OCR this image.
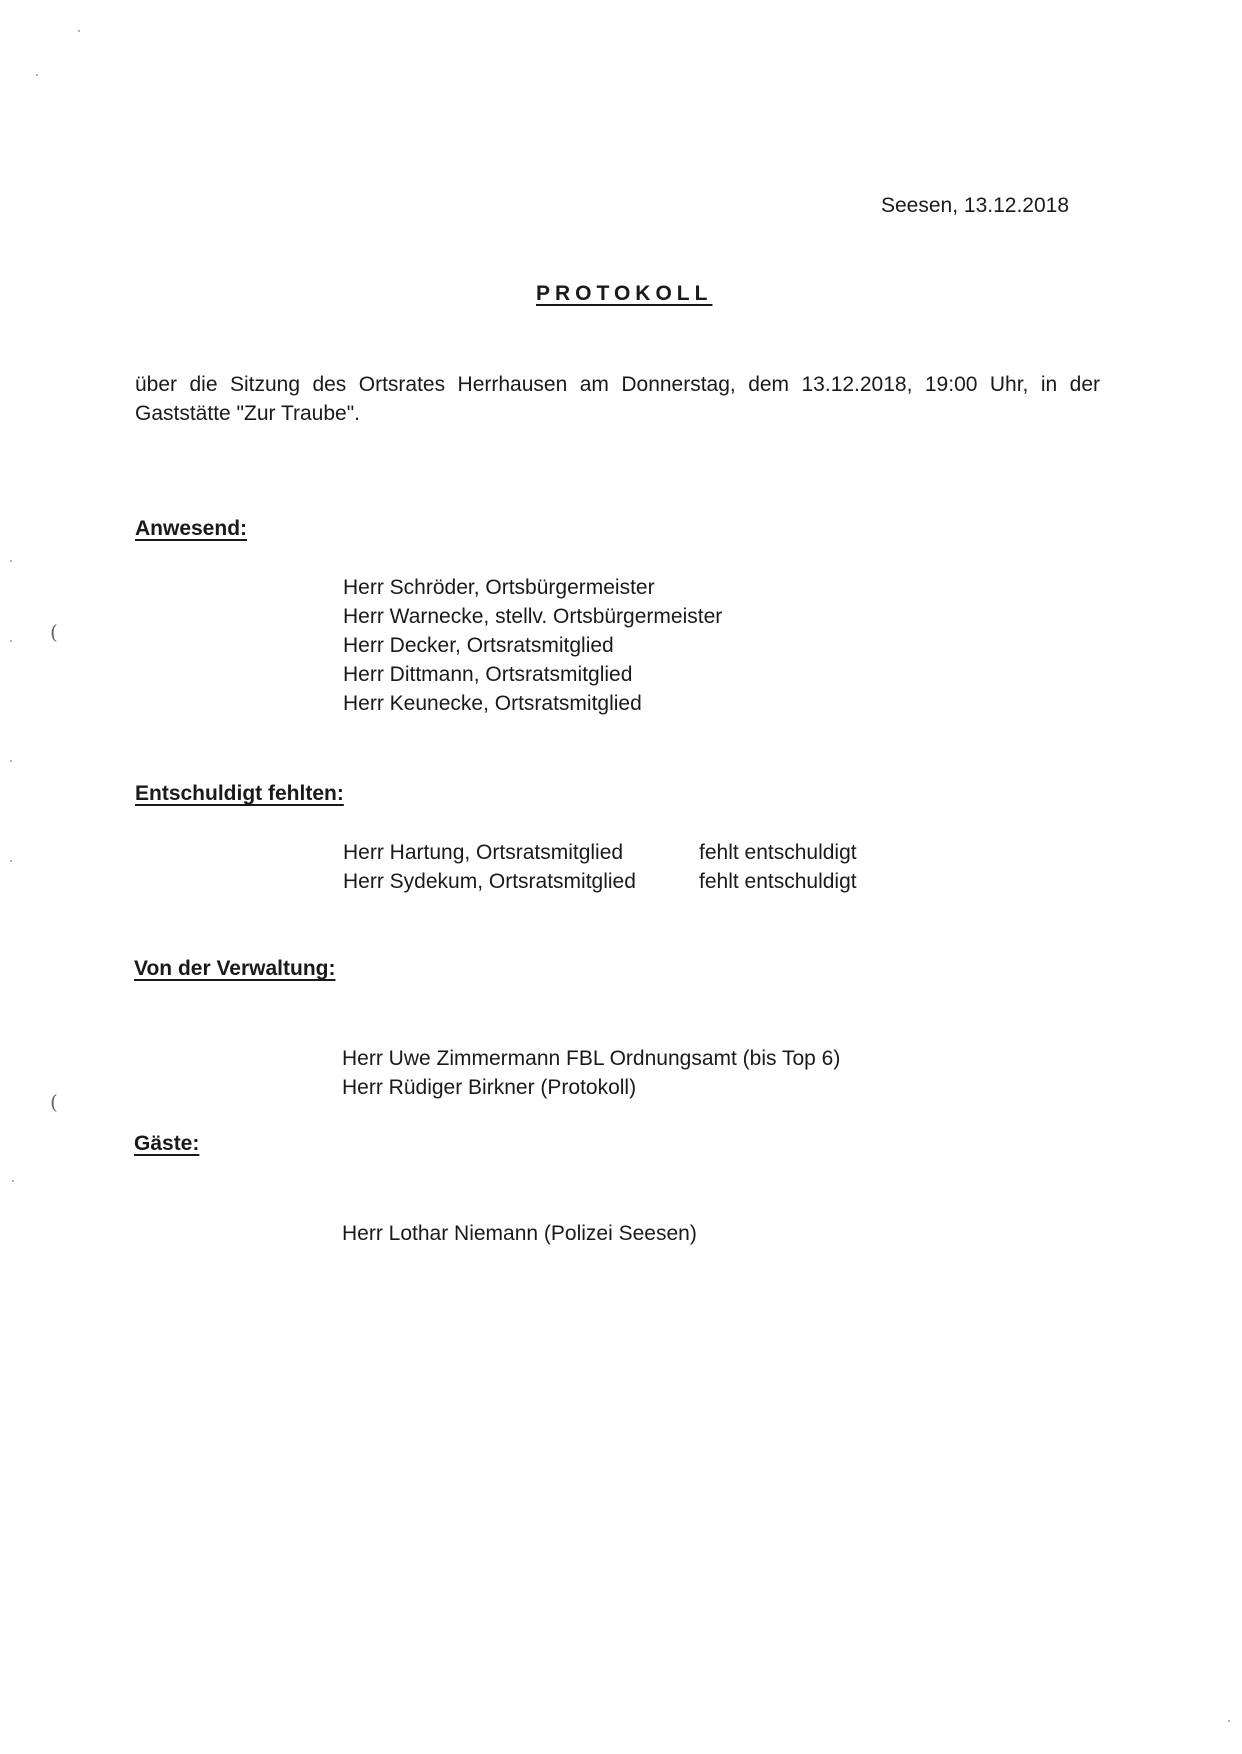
Seesen, 13.12.2018
PROTOKOLL
über die Sitzung des Ortsrates Herrhausen am Donnerstag, dem 13.12.2018, 19:00 Uhr, in der Gaststätte "Zur Traube".
Anwesend:
Herr Schröder, Ortsbürgermeister
Herr Warnecke, stellv. Ortsbürgermeister
Herr Decker, Ortsratsmitglied
Herr Dittmann, Ortsratsmitglied
Herr Keunecke, Ortsratsmitglied
Entschuldigt fehlten:
Herr Hartung, Ortsratsmitglied	fehlt entschuldigt
Herr Sydekum, Ortsratsmitglied	fehlt entschuldigt
Von der Verwaltung:
Herr Uwe Zimmermann FBL Ordnungsamt (bis Top 6)
Herr Rüdiger Birkner (Protokoll)
Gäste:
Herr Lothar Niemann (Polizei Seesen)
(
(
